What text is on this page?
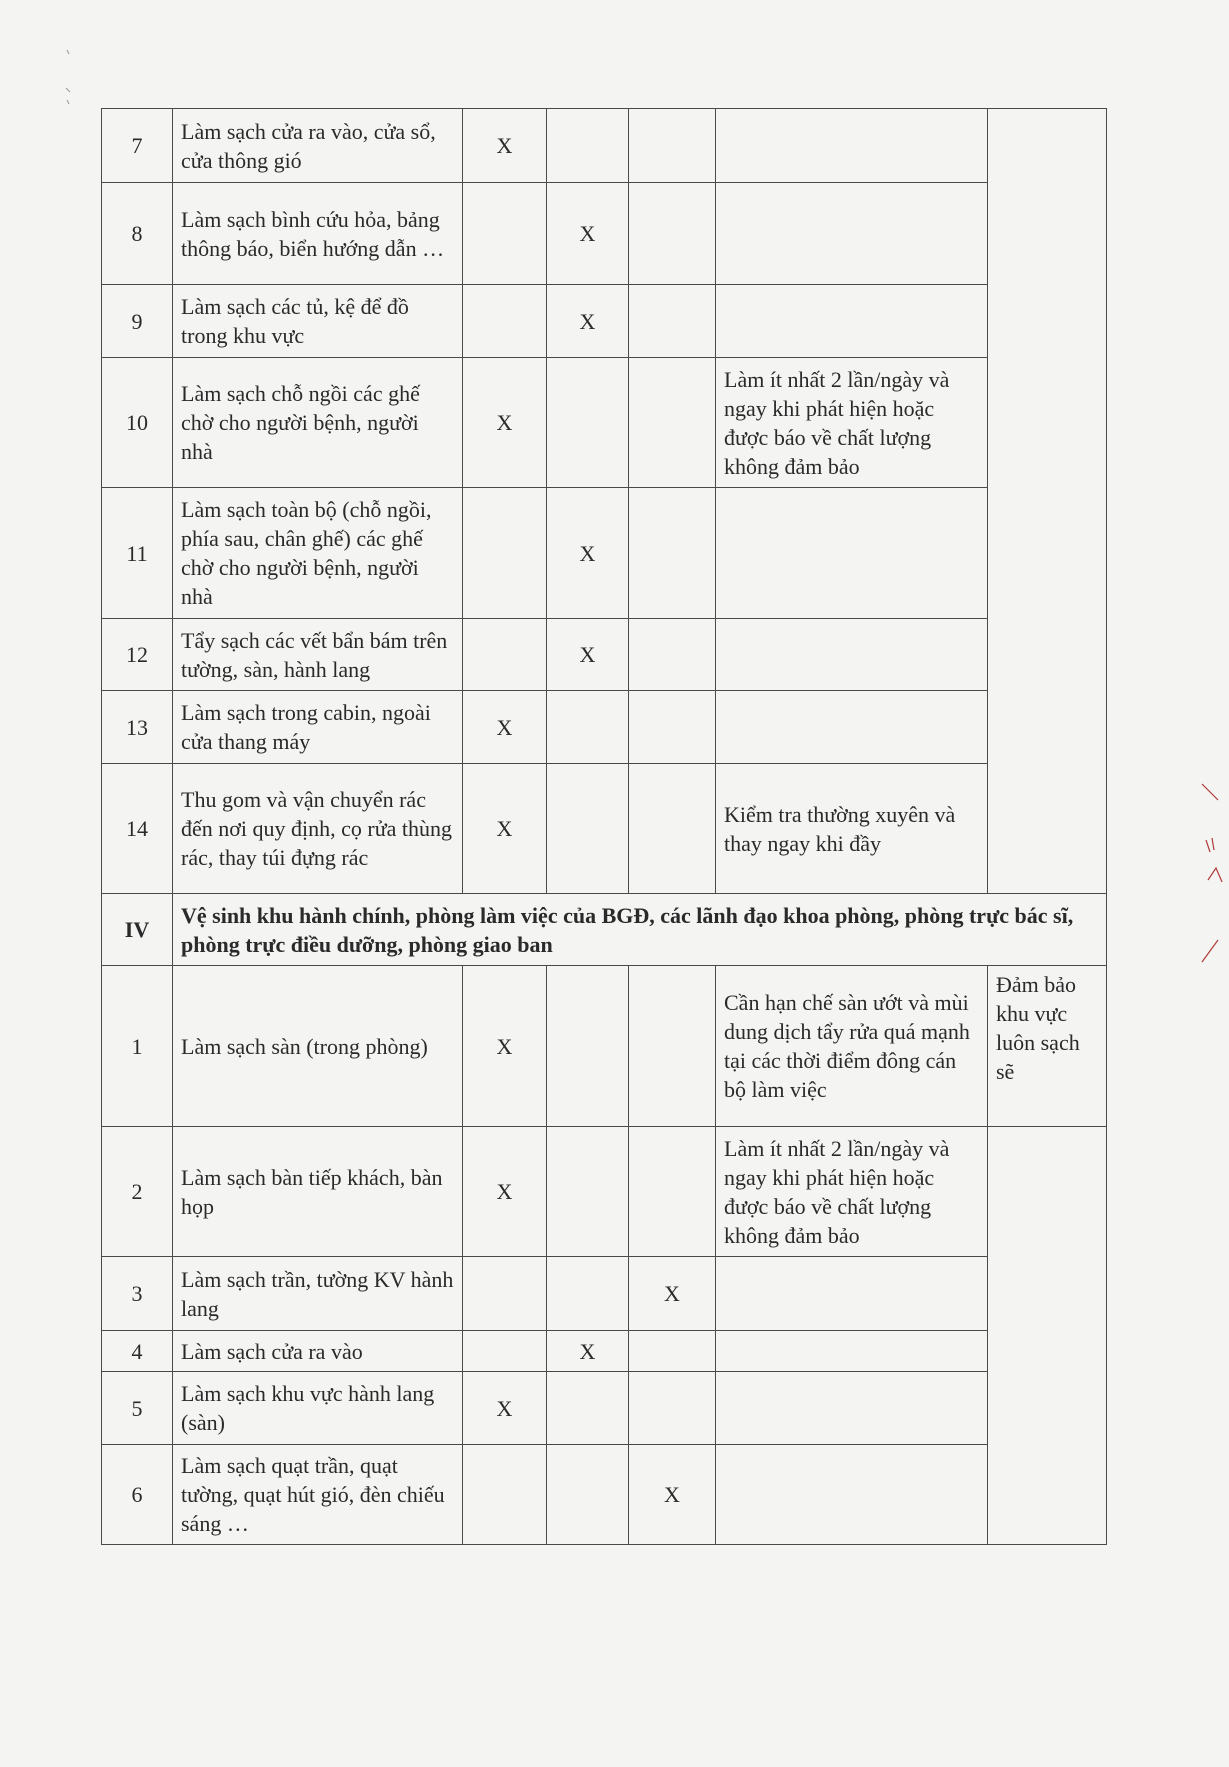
7	Làm sạch cửa ra vào, cửa sổ, cửa thông gió	X				
8	Làm sạch bình cứu hỏa, bảng thông báo, biển hướng dẫn …		X			
9	Làm sạch các tủ, kệ để đồ trong khu vực		X			
10	Làm sạch chỗ ngồi các ghế chờ cho người bệnh, người nhà	X			Làm ít nhất 2 lần/ngày và ngay khi phát hiện hoặc được báo về chất lượng không đảm bảo	
11	Làm sạch toàn bộ (chỗ ngồi, phía sau, chân ghế) các ghế chờ cho người bệnh, người nhà		X			
12	Tẩy sạch các vết bẩn bám trên tường, sàn, hành lang		X			
13	Làm sạch trong cabin, ngoài cửa thang máy	X				
14	Thu gom và vận chuyển rác đến nơi quy định, cọ rửa thùng rác, thay túi đựng rác	X			Kiểm tra thường xuyên và thay ngay khi đầy	
IV	Vệ sinh khu hành chính, phòng làm việc của BGĐ, các lãnh đạo khoa phòng, phòng trực bác sĩ, phòng trực điều dưỡng, phòng giao ban					
1	Làm sạch sàn (trong phòng)	X			Cần hạn chế sàn ướt và mùi dung dịch tẩy rửa quá mạnh tại các thời điểm đông cán bộ làm việc	Đảm bảo khu vực luôn sạch sẽ
2	Làm sạch bàn tiếp khách, bàn họp	X			Làm ít nhất 2 lần/ngày và ngay khi phát hiện hoặc được báo về chất lượng không đảm bảo	
3	Làm sạch trần, tường KV hành lang			X		
4	Làm sạch cửa ra vào		X			
5	Làm sạch khu vực hành lang (sàn)	X				
6	Làm sạch quạt trần, quạt tường, quạt hút gió, đèn chiếu sáng …			X		
